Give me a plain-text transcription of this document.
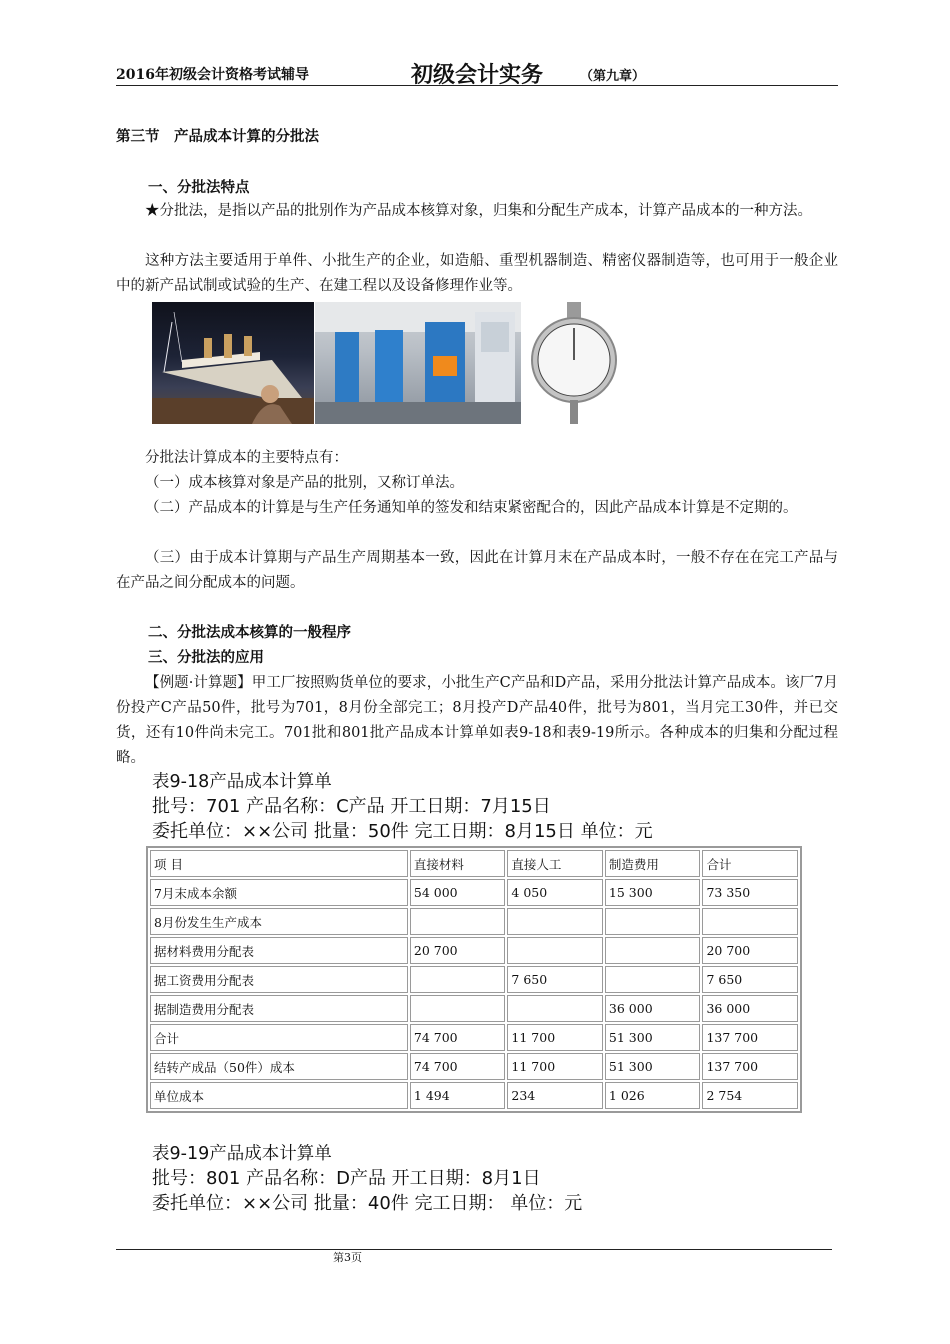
2016年初级会计资格考试辅导	初级会计实务	（第九章）
第三节　产品成本计算的分批法
一、分批法特点
★分批法，是指以产品的批别作为产品成本核算对象，归集和分配生产成本，计算产品成本的一种方法。
这种方法主要适用于单件、小批生产的企业，如造船、重型机器制造、精密仪器制造等，也可用于一般企业中的新产品试制或试验的生产、在建工程以及设备修理作业等。
分批法计算成本的主要特点有：
（一）成本核算对象是产品的批别，又称订单法。
（二）产品成本的计算是与生产任务通知单的签发和结束紧密配合的，因此产品成本计算是不定期的。
（三）由于成本计算期与产品生产周期基本一致，因此在计算月末在产品成本时，一般不存在在完工产品与在产品之间分配成本的问题。
二、分批法成本核算的一般程序
三、分批法的应用
【例题·计算题】甲工厂按照购货单位的要求，小批生产C产品和D产品，采用分批法计算产品成本。该厂7月份投产C产品50件，批号为701，8月份全部完工；8月投产D产品40件，批号为801，当月完工30件，并已交货，还有10件尚未完工。701批和801批产品成本计算单如表9-18和表9-19所示。各种成本的归集和分配过程略。
表9-18产品成本计算单
批号：701 产品名称：C产品 开工日期：7月15日
委托单位：××公司 批量：50件 完工日期：8月15日 单位：元
项 目	直接材料	直接人工	制造费用	合计
7月末成本余额	54 000	4 050	15 300	73 350
8月份发生生产成本				
据材料费用分配表	20 700			20 700
据工资费用分配表		7 650		7 650
据制造费用分配表			36 000	36 000
合计	74 700	11 700	51 300	137 700
结转产成品（50件）成本	74 700	11 700	51 300	137 700
单位成本	1 494	234	1 026	2 754
表9-19产品成本计算单
批号：801 产品名称：D产品 开工日期：8月1日
委托单位：××公司 批量：40件 完工日期： 单位：元
第3页
